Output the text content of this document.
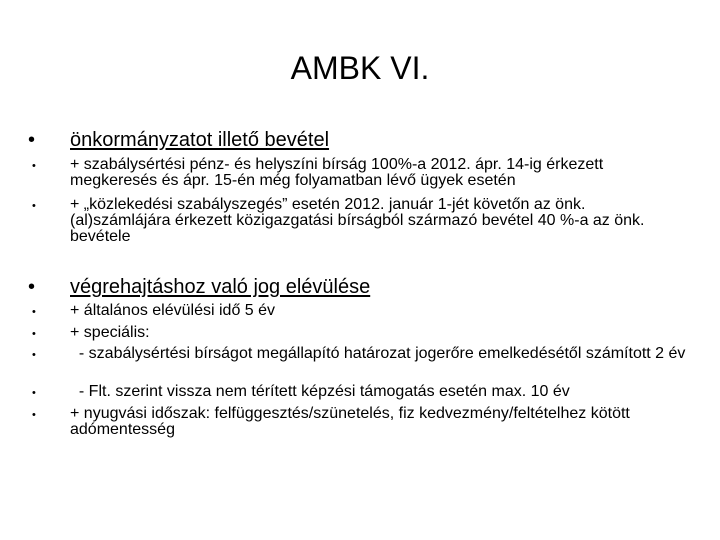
AMBK VI.
• önkormányzatot illető bevétel
• + szabálysértési pénz- és helyszíni bírság 100%-a 2012. ápr. 14-ig érkezett megkeresés és ápr. 15-én még folyamatban lévő ügyek esetén
• + „közlekedési szabályszegés” esetén 2012. január 1-jét követőn az önk. (al)számlájára érkezett közigazgatási bírságból származó bevétel 40 %-a az önk. bevétele
• végrehajtáshoz való jog elévülése
• + általános elévülési idő 5 év
• + speciális:
• - szabálysértési bírságot megállapító határozat jogerőre emelkedésétől számított 2 év
• - Flt. szerint vissza nem térített képzési támogatás esetén max. 10 év
• + nyugvási időszak: felfüggesztés/szünetelés, fiz kedvezmény/feltételhez kötött adómentesség
